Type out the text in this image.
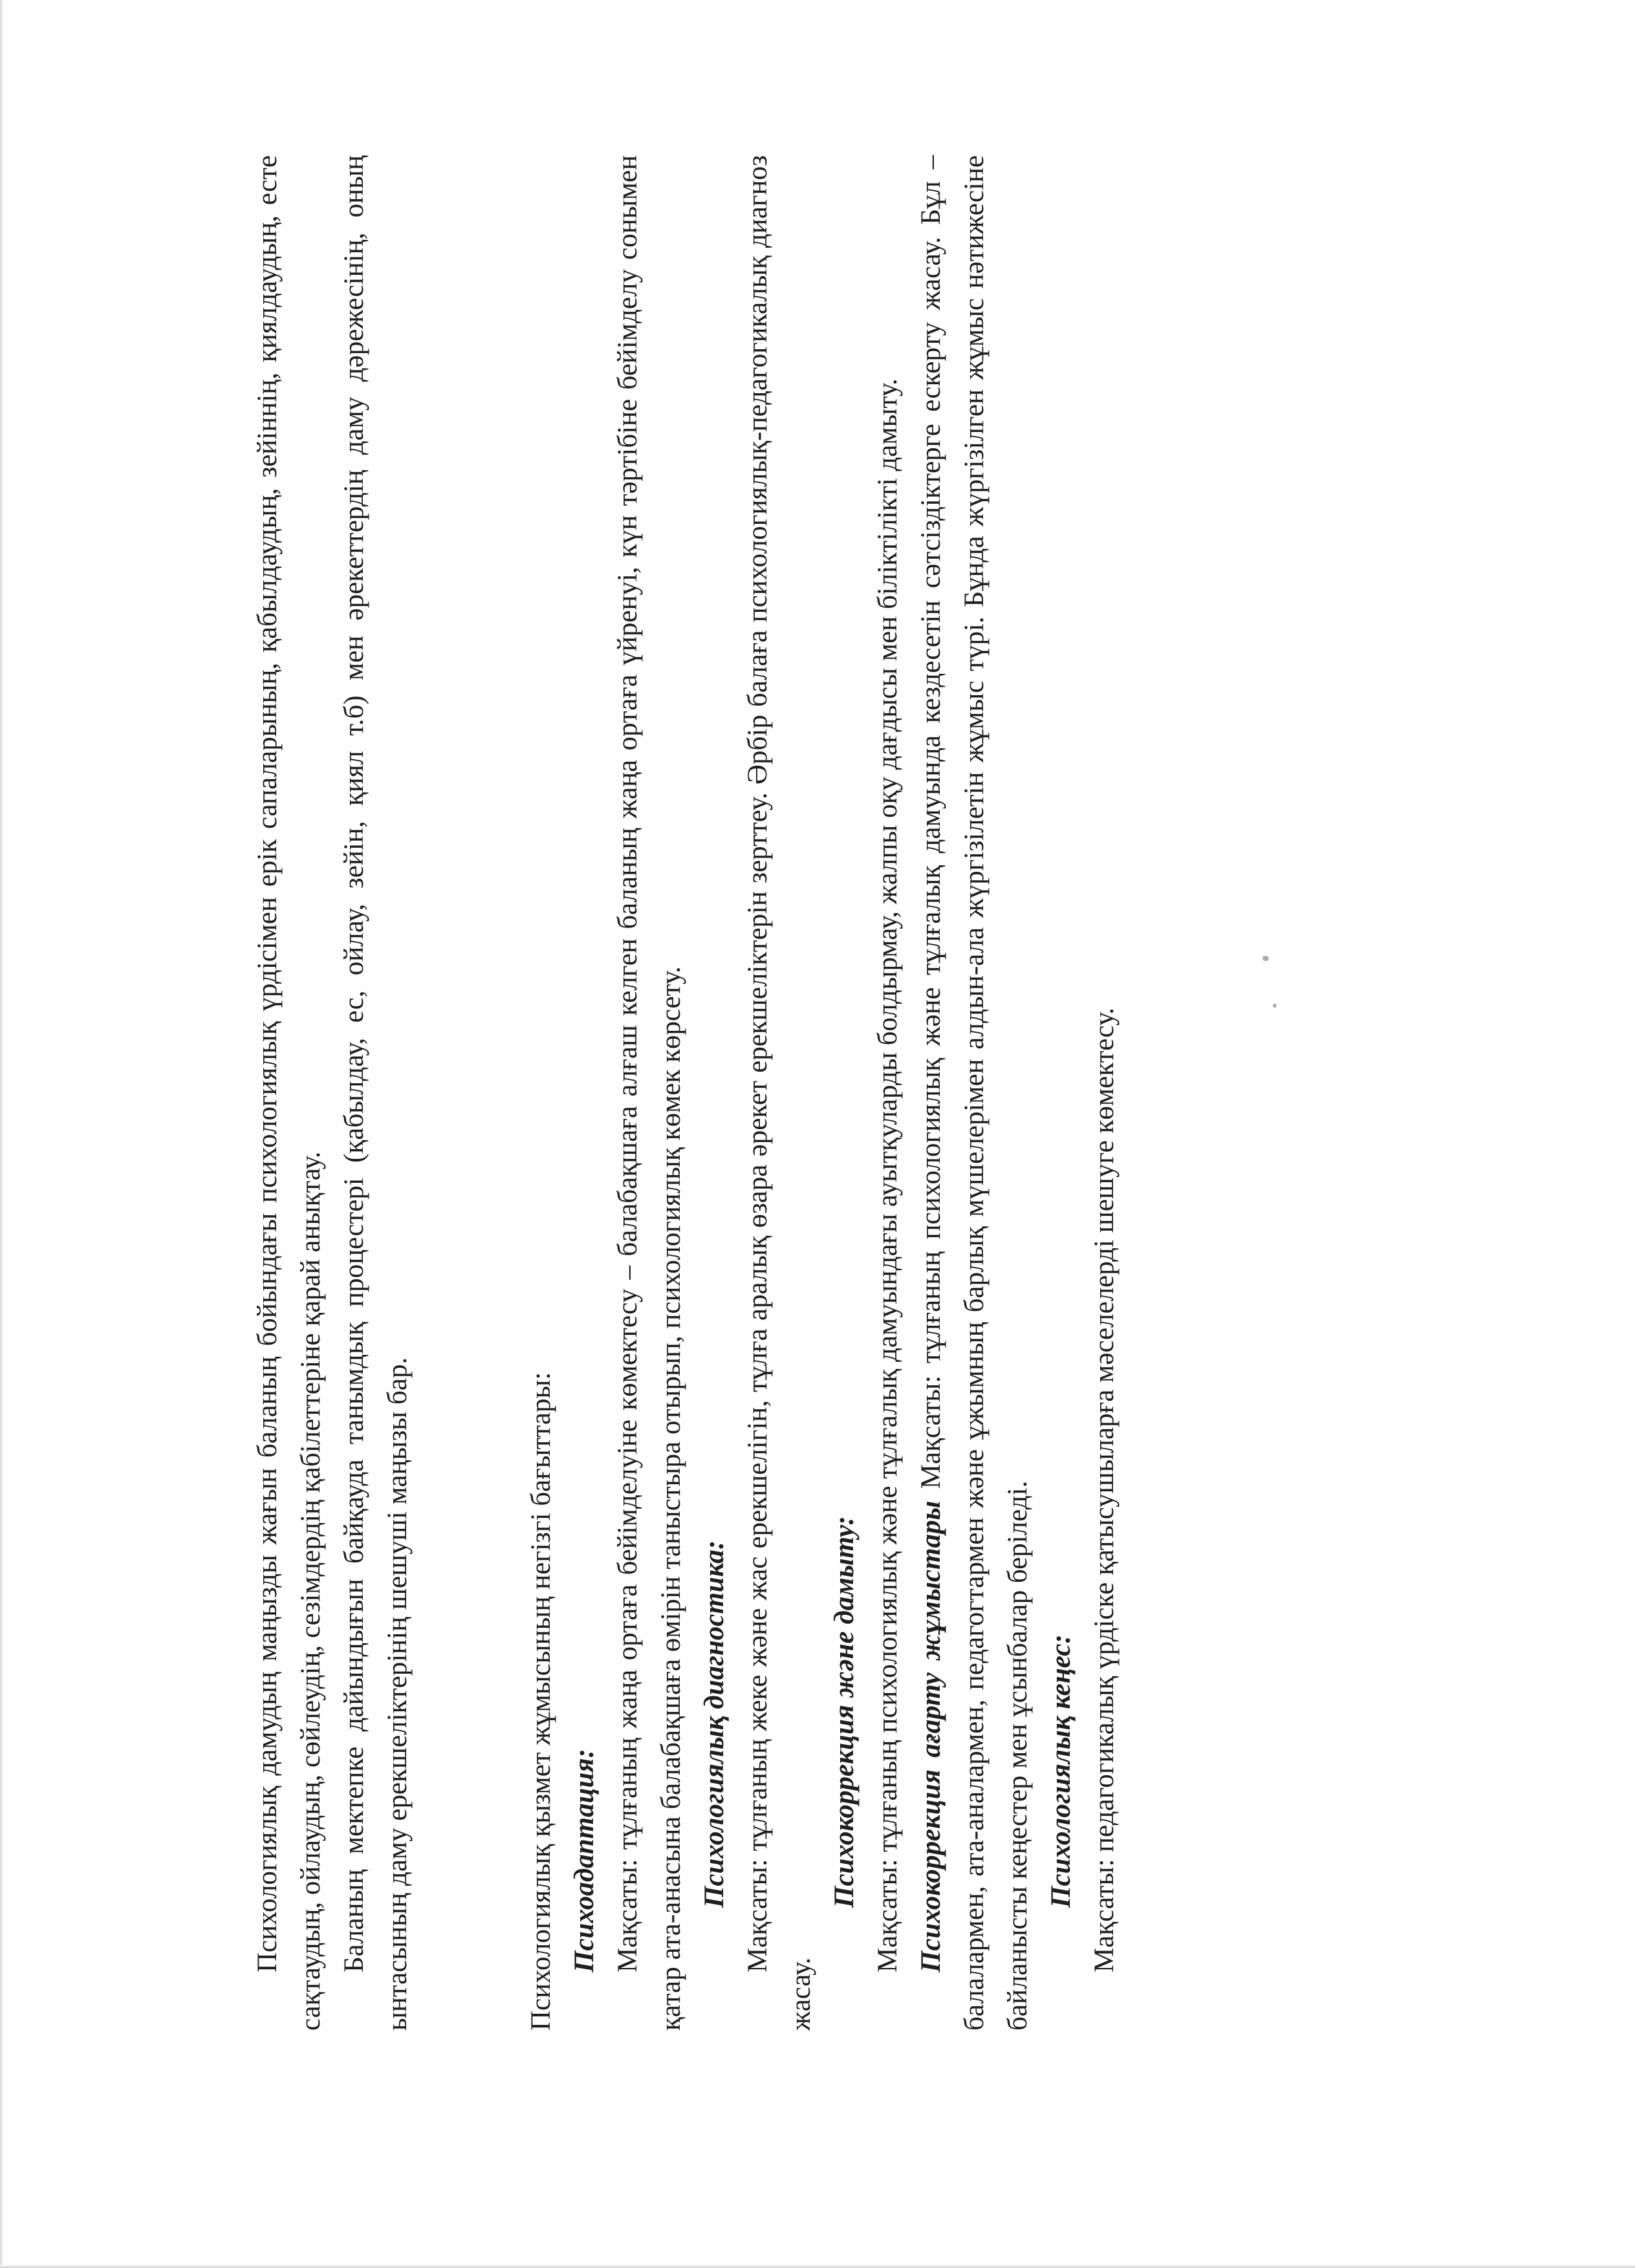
Психологиялық дамудың маңызды жағын баланың бойындағы психологиялық үрдісімен ерік сапаларының, қабылдаудың, зейіннің, қиялдаудың, есте сақтаудың, ойлаудың, сөйлеудің, сезімдердің қабілеттеріне қарай анықтау. Баланың мектепке дайындығын байқауда танымдық процестері (қабылдау, ес, ойлау, зейін, қиял т.б) мен әрекеттердің даму дәрежесінің, оның ынтасының даму ерекшеліктерінің шешуші маңызы бар.	Психологиялық қызмет жұмысының негізгі бағыттары: Психоадаптация: Мақсаты: тұлғаның жаңа ортаға бейімделуіне көмектесу – балабақшаға алғаш келген баланың жаңа ортаға үйренуі, күн тәртібіне бейімделу сонымен қатар ата-анасына балабақшаға өмірін таныстыра отырып, психологиялық көмек көрсету. Психологиялық диагностика: Мақсаты: тұлғаның жеке және жас ерекшелігін, тұлға аралық өзара әрекет ерекшеліктерін зерттеу. Әрбір балаға психологиялық-педагогикалық диагноз жасау.

Психокоррекция және дамыту: Мақсаты: тұлғаның психологиялық және тұлғалық дамуындағы ауытқуларды болдырмау, жалпы оқу дағдысы мен біліктілікті дамыту. Психокоррекция ағарту жұмыстары Мақсаты: тұлғаның психологиялық және тұлғалық дамуында кездесетін сәтсіздіктерге ескерту жасау. Бұл – балалармен, ата-аналармен, педагогтармен және ұжымның барлық мүшелерімен алдын-ала жүргізілетін жұмыс түрі. Бұнда жүргізілген жұмыс нәтижесіне байланысты кеңестер мен ұсынбалар беріледі. Психологиялық кеңес: Мақсаты: педагогикалық үрдіске қатысушыларға мәселелерді шешуге көмектесу.
